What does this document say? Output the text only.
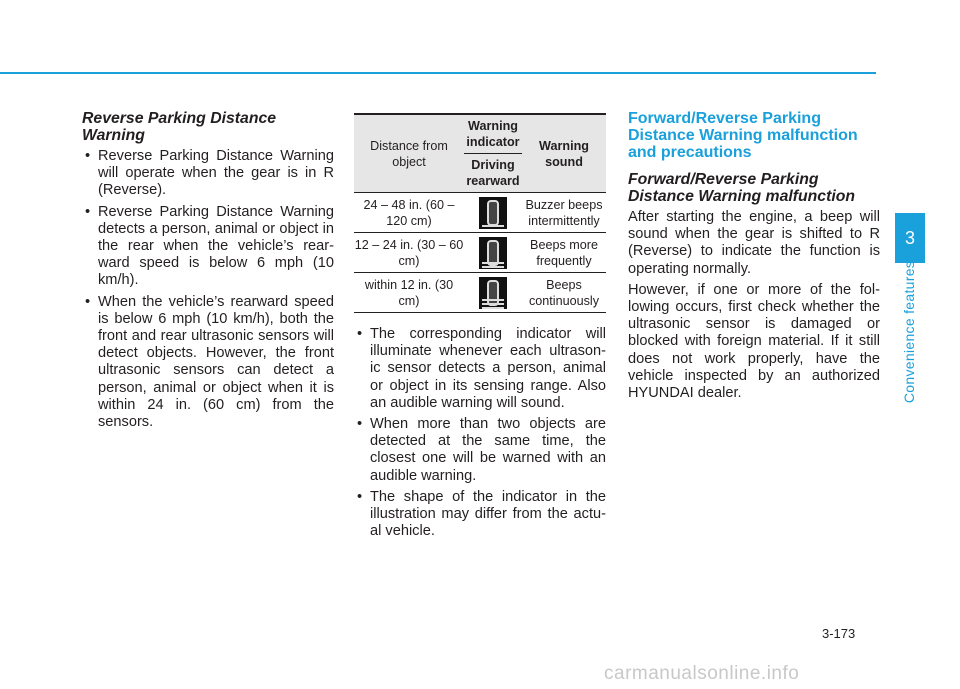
3
Convenience features
Reverse Parking Distance Warning
• Reverse Parking Distance Warning will operate when the gear is in R (Reverse).
• Reverse Parking Distance Warning detects a person, animal or object in the rear when the vehicle’s rear-ward speed is below 6 mph (10 km/h).
• When the vehicle’s rearward speed is below 6 mph (10 km/h), both the front and rear ultrasonic sensors will detect objects. However, the front ultrasonic sensors can detect a person, animal or object when it is within 24 in. (60 cm) from the sensors.
Distance from object	Warning indicator	Warning sound
	Driving rearward	
24 – 48 in. (60 – 120 cm)		Buzzer beeps intermittently
12 – 24 in. (30 – 60 cm)		Beeps more frequently
within 12 in. (30 cm)		Beeps continuously
• The corresponding indicator will illuminate whenever each ultrason-ic sensor detects a person, animal or object in its sensing range. Also an audible warning will sound.
• When more than two objects are detected at the same time, the closest one will be warned with an audible warning.
• The shape of the indicator in the illustration may differ from the actu-al vehicle.
Forward/Reverse Parking Distance Warning malfunction and precautions
Forward/Reverse Parking Distance Warning malfunction

After starting the engine, a beep will sound when the gear is shifted to R (Reverse) to indicate the function is operating normally.

However, if one or more of the fol-lowing occurs, first check whether the ultrasonic sensor is damaged or blocked with foreign material. If it still does not work properly, have the vehicle inspected by an authorized HYUNDAI dealer.

3-173
carmanualsonline.info
